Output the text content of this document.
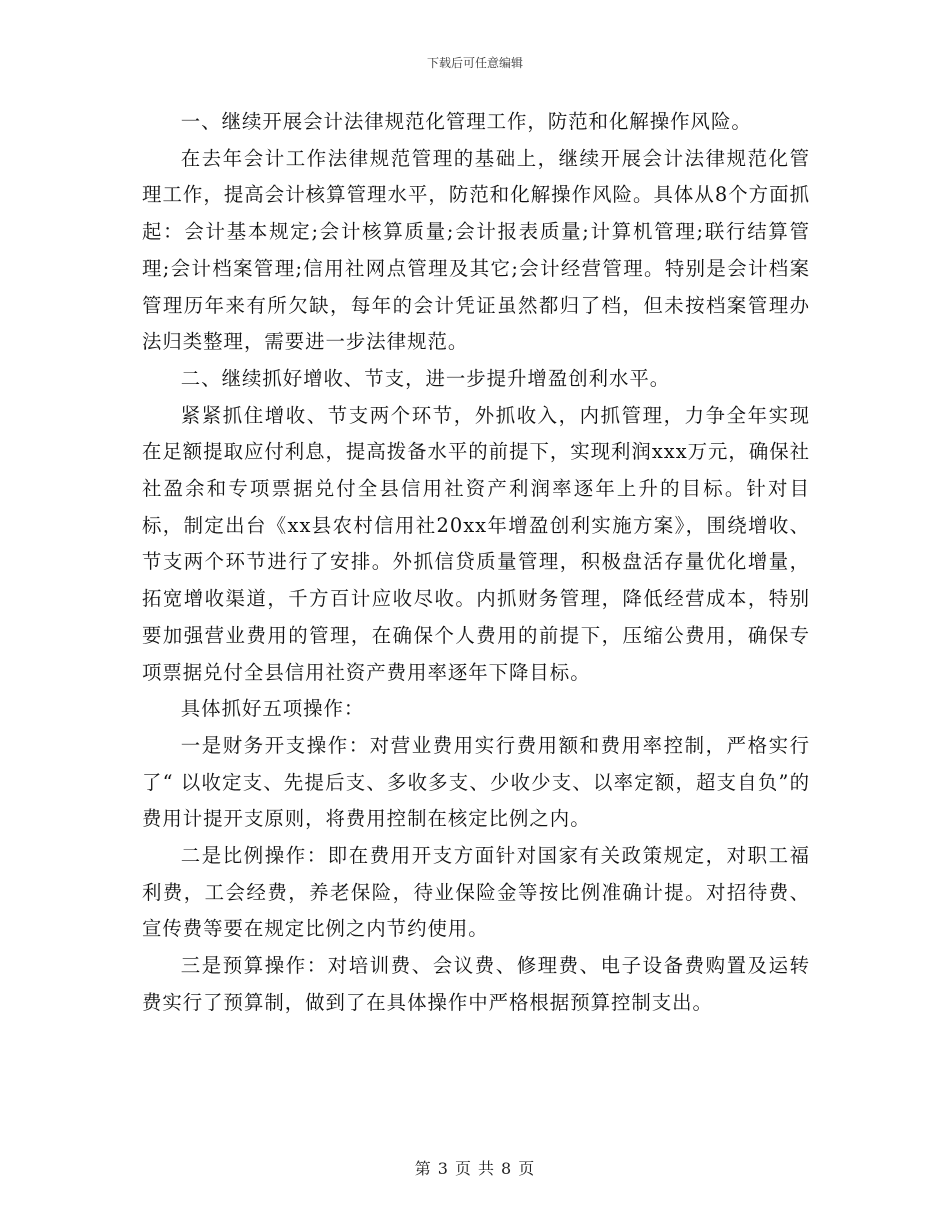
下载后可任意编辑

一、继续开展会计法律规范化管理工作，防范和化解操作风险。

在去年会计工作法律规范管理的基础上，继续开展会计法律规范化管理工作，提高会计核算管理水平，防范和化解操作风险。具体从8个方面抓起：会计基本规定;会计核算质量;会计报表质量;计算机管理;联行结算管理;会计档案管理;信用社网点管理及其它;会计经营管理。特别是会计档案管理历年来有所欠缺，每年的会计凭证虽然都归了档，但未按档案管理办法归类整理，需要进一步法律规范。

二、继续抓好增收、节支，进一步提升增盈创利水平。

紧紧抓住增收、节支两个环节，外抓收入，内抓管理，力争全年实现在足额提取应付利息，提高拨备水平的前提下，实现利润xxx万元，确保社社盈余和专项票据兑付全县信用社资产利润率逐年上升的目标。针对目标，制定出台《xx县农村信用社20xx年增盈创利实施方案》，围绕增收、节支两个环节进行了安排。外抓信贷质量管理，积极盘活存量优化增量，拓宽增收渠道，千方百计应收尽收。内抓财务管理，降低经营成本，特别要加强营业费用的管理，在确保个人费用的前提下，压缩公费用，确保专项票据兑付全县信用社资产费用率逐年下降目标。

具体抓好五项操作：

一是财务开支操作：对营业费用实行费用额和费用率控制，严格实行了“ 以收定支、先提后支、多收多支、少收少支、以率定额，超支自负”的费用计提开支原则，将费用控制在核定比例之内。

二是比例操作：即在费用开支方面针对国家有关政策规定，对职工福利费，工会经费，养老保险，待业保险金等按比例准确计提。对招待费、宣传费等要在规定比例之内节约使用。

三是预算操作：对培训费、会议费、修理费、电子设备费购置及运转费实行了预算制，做到了在具体操作中严格根据预算控制支出。

第 3 页 共 8 页
